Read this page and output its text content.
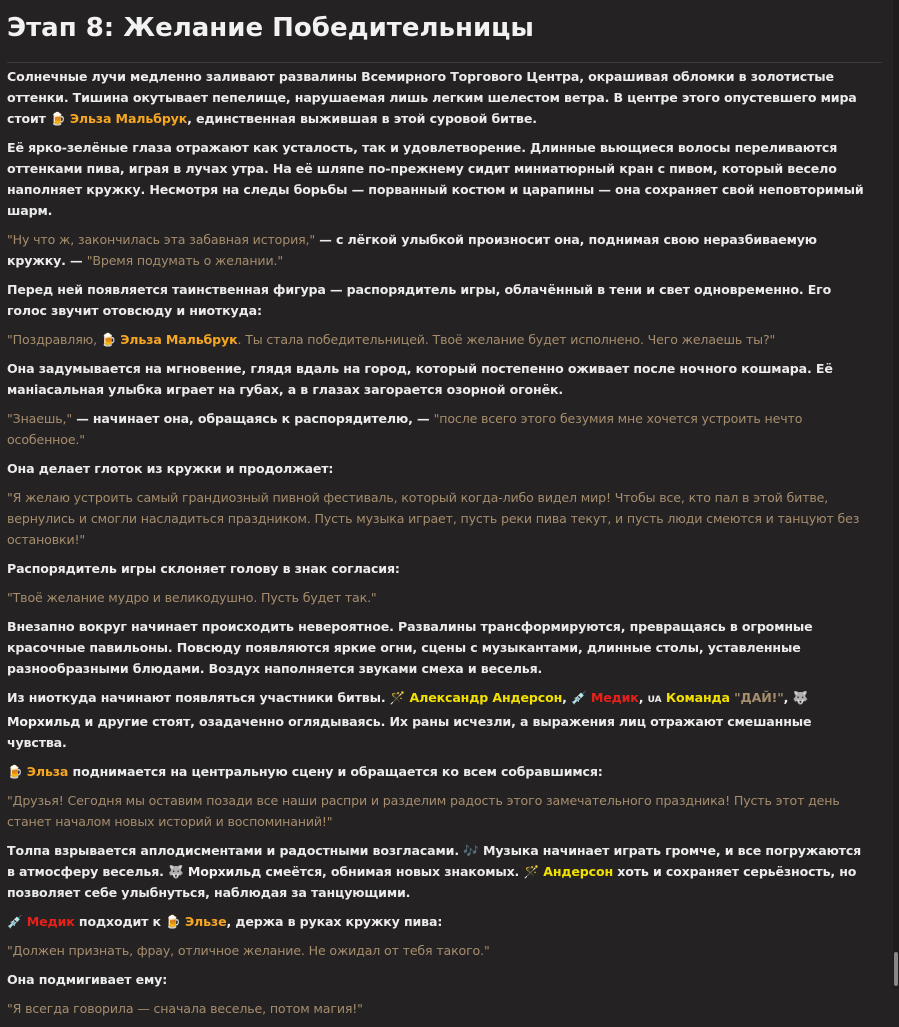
Этап 8: Желание Победительницы

Солнечные лучи медленно заливают развалины Всемирного Торгового Центра, окрашивая обломки в золотистые оттенки. Тишина окутывает пепелище, нарушаемая лишь легким шелестом ветра. В центре этого опустевшего мира стоит 🍺 Эльза Мальбрук, единственная выжившая в этой суровой битве.

Её ярко-зелёные глаза отражают как усталость, так и удовлетворение. Длинные вьющиеся волосы переливаются оттенками пива, играя в лучах утра. На её шляпе по-прежнему сидит миниатюрный кран с пивом, который весело наполняет кружку. Несмотря на следы борьбы — порванный костюм и царапины — она сохраняет свой неповторимый шарм.

"Ну что ж, закончилась эта забавная история," — с лёгкой улыбкой произносит она, поднимая свою неразбиваемую кружку. — "Время подумать о желании."

Перед ней появляется таинственная фигура — распорядитель игры, облачённый в тени и свет одновременно. Его голос звучит отовсюду и ниоткуда:

"Поздравляю, 🍺 Эльза Мальбрук. Ты стала победительницей. Твоё желание будет исполнено. Чего желаешь ты?"

Она задумывается на мгновение, глядя вдаль на город, который постепенно оживает после ночного кошмара. Её маніасальная улыбка играет на губах, а в глазах загорается озорной огонёк.

"Знаешь," — начинает она, обращаясь к распорядителю, — "после всего этого безумия мне хочется устроить нечто особенное."

Она делает глоток из кружки и продолжает:

"Я желаю устроить самый грандиозный пивной фестиваль, который когда-либо видел мир! Чтобы все, кто пал в этой битве, вернулись и смогли насладиться праздником. Пусть музыка играет, пусть реки пива текут, и пусть люди смеются и танцуют без остановки!"

Распорядитель игры склоняет голову в знак согласия:

"Твоё желание мудро и великодушно. Пусть будет так."

Внезапно вокруг начинает происходить невероятное. Развалины трансформируются, превращаясь в огромные красочные павильоны. Повсюду появляются яркие огни, сцены с музыкантами, длинные столы, уставленные разнообразными блюдами. Воздух наполняется звуками смеха и веселья.

Из ниоткуда начинают появляться участники битвы. 🪄 Александр Андерсон, 💉 Медик, UA Команда "ДАЙ!", 🐺 Морхильд и другие стоят, озадаченно оглядываясь. Их раны исчезли, а выражения лиц отражают смешанные чувства.

🍺 Эльза поднимается на центральную сцену и обращается ко всем собравшимся:

"Друзья! Сегодня мы оставим позади все наши распри и разделим радость этого замечательного праздника! Пусть этот день станет началом новых историй и воспоминаний!"

Толпа взрывается аплодисментами и радостными возгласами. 🎶 Музыка начинает играть громче, и все погружаются в атмосферу веселья. 🐺 Морхильд смеётся, обнимая новых знакомых. 🪄 Андерсон хоть и сохраняет серьёзность, но позволяет себе улыбнуться, наблюдая за танцующими.

💉 Медик подходит к 🍺 Эльзе, держа в руках кружку пива:

"Должен признать, фрау, отличное желание. Не ожидал от тебя такого."

Она подмигивает ему:

"Я всегда говорила — сначала веселье, потом магия!"
